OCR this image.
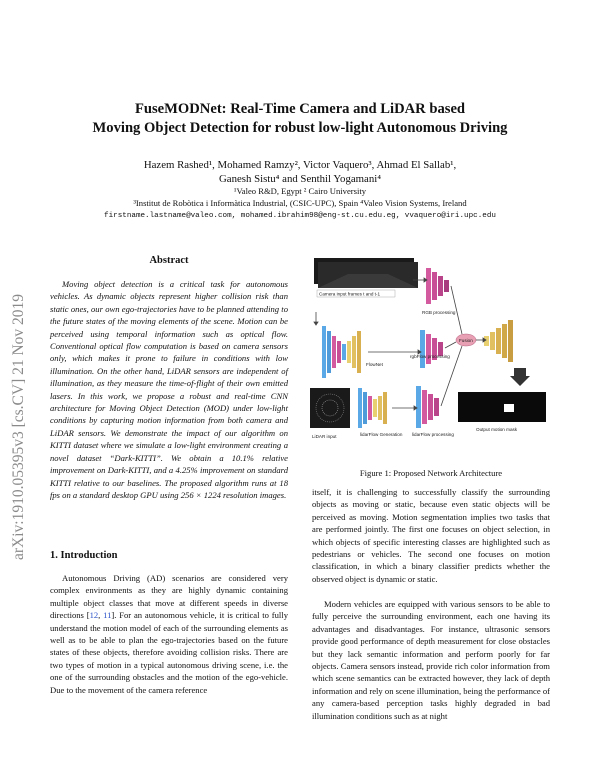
arXiv:1910.05395v3 [cs.CV] 21 Nov 2019
FuseMODNet: Real-Time Camera and LiDAR based
Moving Object Detection for robust low-light Autonomous Driving
Hazem Rashed¹, Mohamed Ramzy², Victor Vaquero³, Ahmad El Sallab¹,
Ganesh Sistu⁴ and Senthil Yogamani⁴
¹Valeo R&D, Egypt ² Cairo University
³Institut de Robòtica i Informàtica Industrial, (CSIC-UPC), Spain ⁴Valeo Vision Systems, Ireland
firstname.lastname@valeo.com, mohamed.ibrahim98@eng-st.cu.edu.eg, vvaquero@iri.upc.edu
Abstract
Moving object detection is a critical task for autonomous vehicles. As dynamic objects represent higher collision risk than static ones, our own ego-trajectories have to be planned attending to the future states of the moving elements of the scene. Motion can be perceived using temporal information such as optical flow. Conventional optical flow computation is based on camera sensors only, which makes it prone to failure in conditions with low illumination. On the other hand, LiDAR sensors are independent of illumination, as they measure the time-of-flight of their own emitted lasers. In this work, we propose a robust and real-time CNN architecture for Moving Object Detection (MOD) under low-light conditions by capturing motion information from both camera and LiDAR sensors. We demonstrate the impact of our algorithm on KITTI dataset where we simulate a low-light environment creating a novel dataset “Dark-KITTI”. We obtain a 10.1% relative improvement on Dark-KITTI, and a 4.25% improvement on standard KITTI relative to our baselines. The proposed algorithm runs at 18 fps on a standard desktop GPU using 256 × 1224 resolution images.
1. Introduction

Autonomous Driving (AD) scenarios are considered very complex environments as they are highly dynamic containing multiple object classes that move at different speeds in diverse directions [12, 11]. For an autonomous vehicle, it is critical to fully understand the motion model of each of the surrounding elements as well as to be able to plan the ego-trajectories based on the future states of these objects, therefore avoiding collision risks. There are two types of motion in a typical autonomous driving scene, i.e. the one of the surrounding obstacles and the motion of the ego-vehicle. Due to the movement of the camera reference

Camera input frames t and t-1
RGB processing
FlowNet
rgbFlow processing
Fusion
LiDAR input	lidarFlow Generation lidarFlow processing
Output motion mask
Figure 1: Proposed Network Architecture

itself, it is challenging to successfully classify the surrounding objects as moving or static, because even static objects will be perceived as moving. Motion segmentation implies two tasks that are performed jointly. The first one focuses on object selection, in which objects of specific interesting classes are highlighted such as pedestrians or vehicles. The second one focuses on motion classification, in which a binary classifier predicts whether the observed object is dynamic or static.

Modern vehicles are equipped with various sensors to be able to fully perceive the surrounding environment, each one having its advantages and disadvantages. For instance, ultrasonic sensors provide good performance of depth measurement for close obstacles but they lack semantic information and perform poorly for far objects. Camera sensors instead, provide rich color information from which scene semantics can be extracted however, they lack of depth information and rely on scene illumination, being the performance of any camera-based perception tasks highly degraded in bad illumination conditions such as at night
